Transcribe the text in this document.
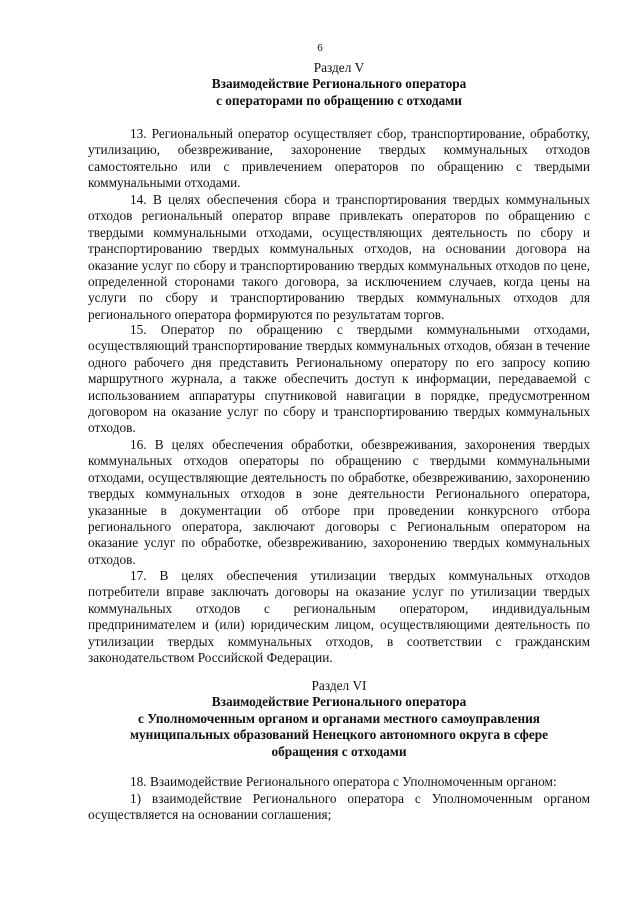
6
Раздел V
Взаимодействие Регионального оператора
с операторами по обращению с отходами

13. Региональный оператор осуществляет сбор, транспортирование, обработку, утилизацию, обезвреживание, захоронение твердых коммунальных отходов самостоятельно или с привлечением операторов по обращению с твердыми коммунальными отходами.

14. В целях обеспечения сбора и транспортирования твердых коммунальных отходов региональный оператор вправе привлекать операторов по обращению с твердыми коммунальными отходами, осуществляющих деятельность по сбору и транспортированию твердых коммунальных отходов, на основании договора на оказание услуг по сбору и транспортированию твердых коммунальных отходов по цене, определенной сторонами такого договора, за исключением случаев, когда цены на услуги по сбору и транспортированию твердых коммунальных отходов для регионального оператора формируются по результатам торгов.

15. Оператор по обращению с твердыми коммунальными отходами, осуществляющий транспортирование твердых коммунальных отходов, обязан в течение одного рабочего дня представить Региональному оператору по его запросу копию маршрутного журнала, а также обеспечить доступ к информации, передаваемой с использованием аппаратуры спутниковой навигации в порядке, предусмотренном договором на оказание услуг по сбору и транспортированию твердых коммунальных отходов.

16. В целях обеспечения обработки, обезвреживания, захоронения твердых коммунальных отходов операторы по обращению с твердыми коммунальными отходами, осуществляющие деятельность по обработке, обезвреживанию, захоронению твердых коммунальных отходов в зоне деятельности Регионального оператора, указанные в документации об отборе при проведении конкурсного отбора регионального оператора, заключают договоры с Региональным оператором на оказание услуг по обработке, обезвреживанию, захоронению твердых коммунальных отходов.

17. В целях обеспечения утилизации твердых коммунальных отходов потребители вправе заключать договоры на оказание услуг по утилизации твердых коммунальных отходов с региональным оператором, индивидуальным предпринимателем и (или) юридическим лицом, осуществляющими деятельность по утилизации твердых коммунальных отходов, в соответствии с гражданским законодательством Российской Федерации.

Раздел VI
Взаимодействие Регионального оператора
с Уполномоченным органом и органами местного самоуправления
муниципальных образований Ненецкого автономного округа в сфере
обращения с отходами

18. Взаимодействие Регионального оператора с Уполномоченным органом:

1) взаимодействие Регионального оператора с Уполномоченным органом осуществляется на основании соглашения;
